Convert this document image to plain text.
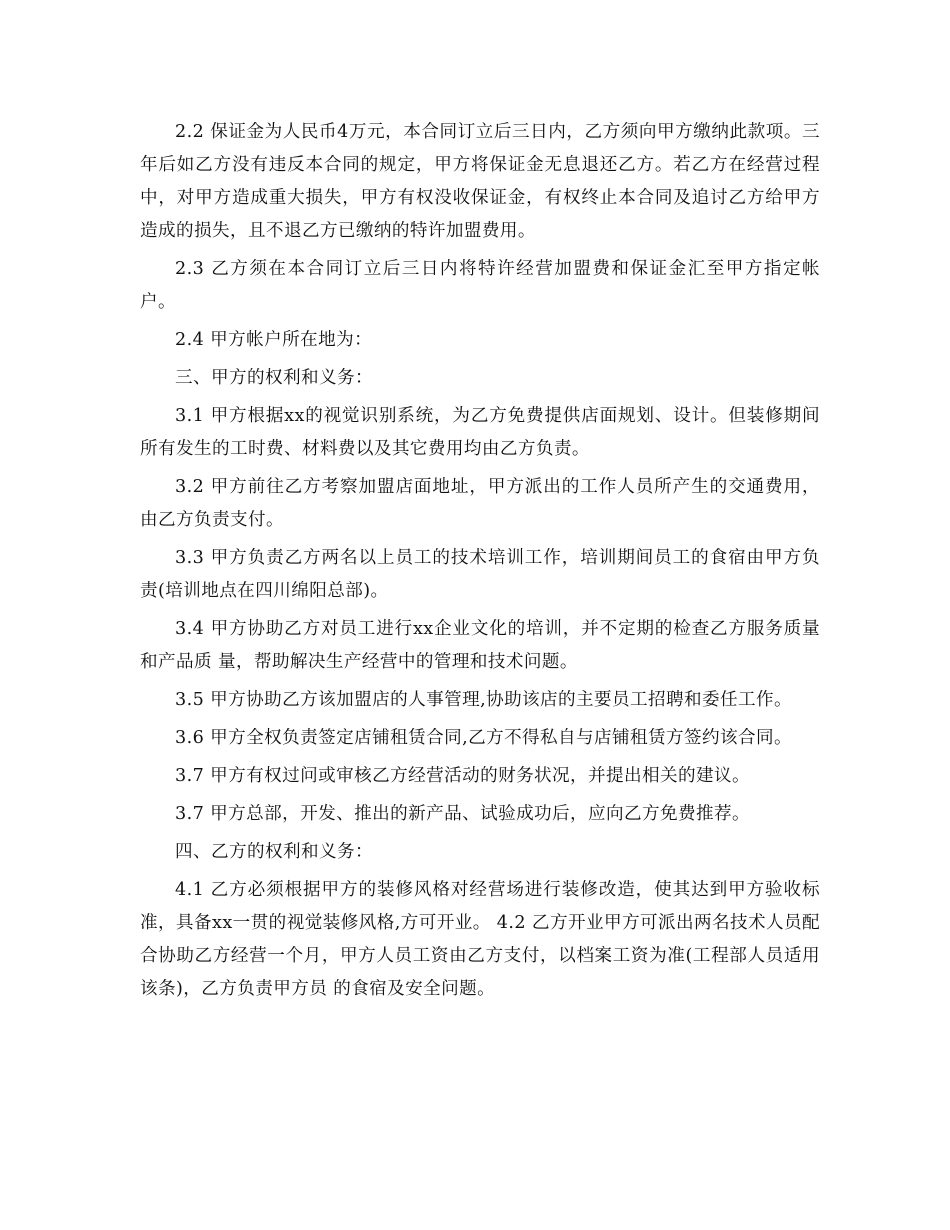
2.2 保证金为人民币4万元，本合同订立后三日内，乙方须向甲方缴纳此款项。三年后如乙方没有违反本合同的规定，甲方将保证金无息退还乙方。若乙方在经营过程中，对甲方造成重大损失，甲方有权没收保证金，有权终止本合同及追讨乙方给甲方造成的损失，且不退乙方已缴纳的特许加盟费用。

2.3 乙方须在本合同订立后三日内将特许经营加盟费和保证金汇至甲方指定帐户。

2.4 甲方帐户所在地为：

三、甲方的权利和义务：

3.1 甲方根据xx的视觉识别系统，为乙方免费提供店面规划、设计。但装修期间所有发生的工时费、材料费以及其它费用均由乙方负责。

3.2 甲方前往乙方考察加盟店面地址，甲方派出的工作人员所产生的交通费用，由乙方负责支付。

3.3 甲方负责乙方两名以上员工的技术培训工作，培训期间员工的食宿由甲方负责(培训地点在四川绵阳总部)。

3.4 甲方协助乙方对员工进行xx企业文化的培训，并不定期的检查乙方服务质量和产品质 量，帮助解决生产经营中的管理和技术问题。

3.5 甲方协助乙方该加盟店的人事管理,协助该店的主要员工招聘和委任工作。

3.6 甲方全权负责签定店铺租赁合同,乙方不得私自与店铺租赁方签约该合同。

3.7 甲方有权过问或审核乙方经营活动的财务状况，并提出相关的建议。

3.7 甲方总部，开发、推出的新产品、试验成功后，应向乙方免费推荐。

四、乙方的权利和义务：

4.1 乙方必须根据甲方的装修风格对经营场进行装修改造，使其达到甲方验收标准，具备xx一贯的视觉装修风格,方可开业。 4.2 乙方开业甲方可派出两名技术人员配合协助乙方经营一个月，甲方人员工资由乙方支付，以档案工资为准(工程部人员适用该条)，乙方负责甲方员 的食宿及安全问题。
